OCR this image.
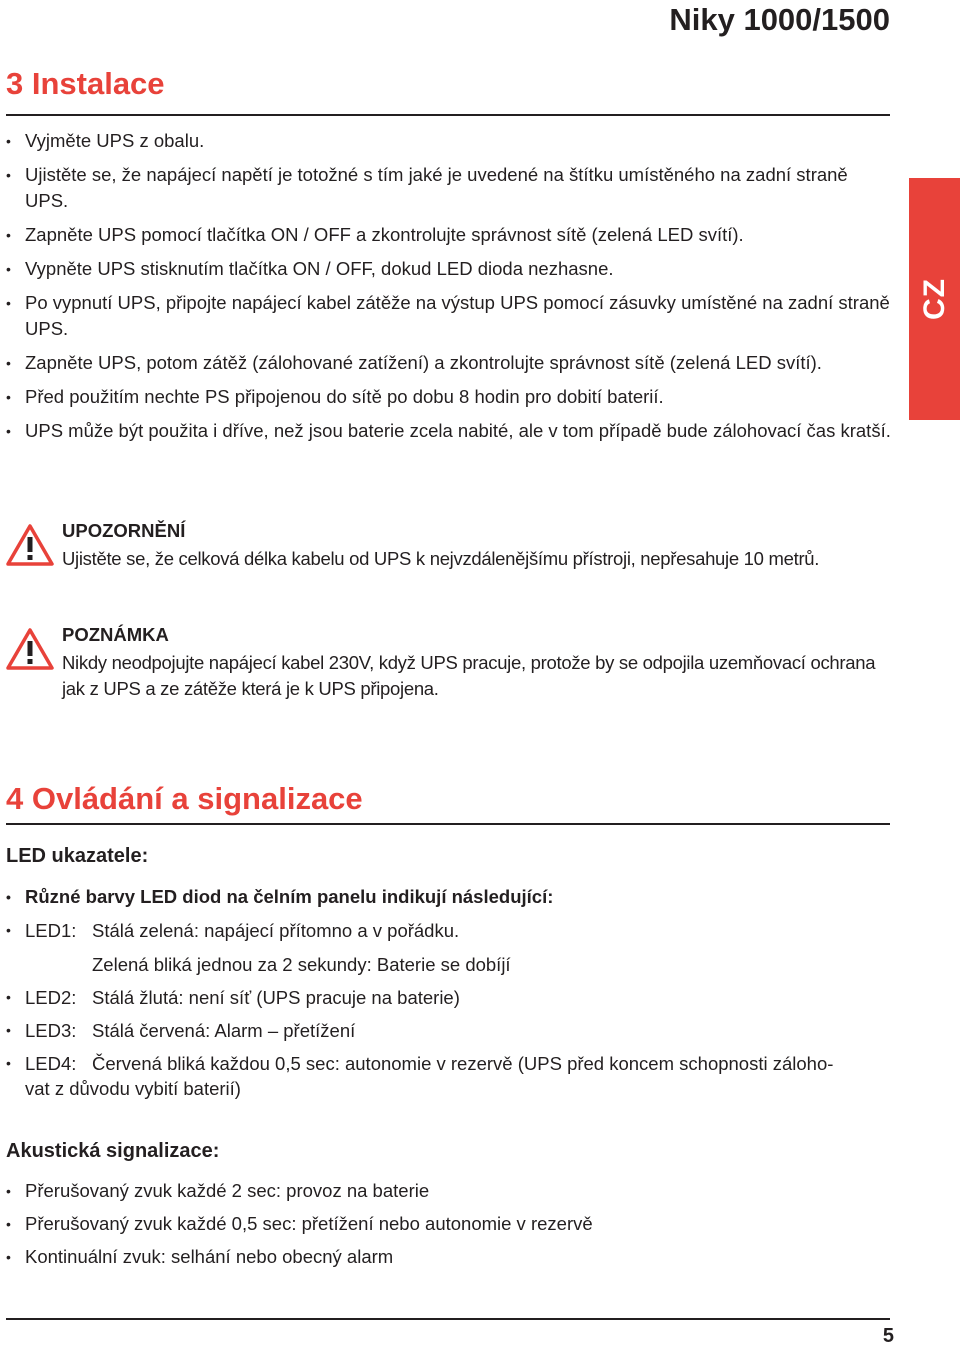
Niky 1000/1500
3 Instalace
CZ
• Vyjměte UPS z obalu.
• Ujistěte se, že napájecí napětí je totožné s tím jaké je uvedené na štítku umístěného na zadní straně UPS.
• Zapněte UPS pomocí tlačítka ON / OFF a zkontrolujte správnost sítě (zelená LED svítí).
• Vypněte UPS stisknutím tlačítka ON / OFF, dokud LED dioda nezhasne.
• Po vypnutí UPS, připojte napájecí kabel zátěže na výstup UPS pomocí zásuvky umístěné na zadní straně UPS.
• Zapněte UPS, potom zátěž (zálohované zatížení) a zkontrolujte správnost sítě (zelená LED svítí).
• Před použitím nechte PS připojenou do sítě po dobu 8 hodin pro dobití baterií.
• UPS může být použita i dříve, než jsou baterie zcela nabité, ale v tom případě bude zálohovací čas kratší.
UPOZORNĚNÍ
Ujistěte se, že celková délka kabelu od UPS k nejvzdálenějšímu přístroji, nepřesahuje 10 metrů.
POZNÁMKA
Nikdy neodpojujte napájecí kabel 230V, když UPS pracuje, protože by se odpojila uzemňovací ochrana jak z UPS a ze zátěže která je k UPS připojena.
4 Ovládání a signalizace
LED ukazatele:
• Různé barvy LED diod na čelním panelu indikují následující:
• LED1: Stálá zelená: napájecí přítomno a v pořádku.
Zelená bliká jednou za 2 sekundy: Baterie se dobíjí
• LED2: Stálá žlutá: není síť (UPS pracuje na baterie)
• LED3: Stálá červená: Alarm – přetížení
• LED4: Červená bliká každou 0,5 sec: autonomie v rezervě (UPS před koncem schopnosti záloho-
vat z důvodu vybití baterií)
Akustická signalizace:
• Přerušovaný zvuk každé 2 sec: provoz na baterie
• Přerušovaný zvuk každé 0,5 sec: přetížení nebo autonomie v rezervě
• Kontinuální zvuk: selhání nebo obecný alarm
5
